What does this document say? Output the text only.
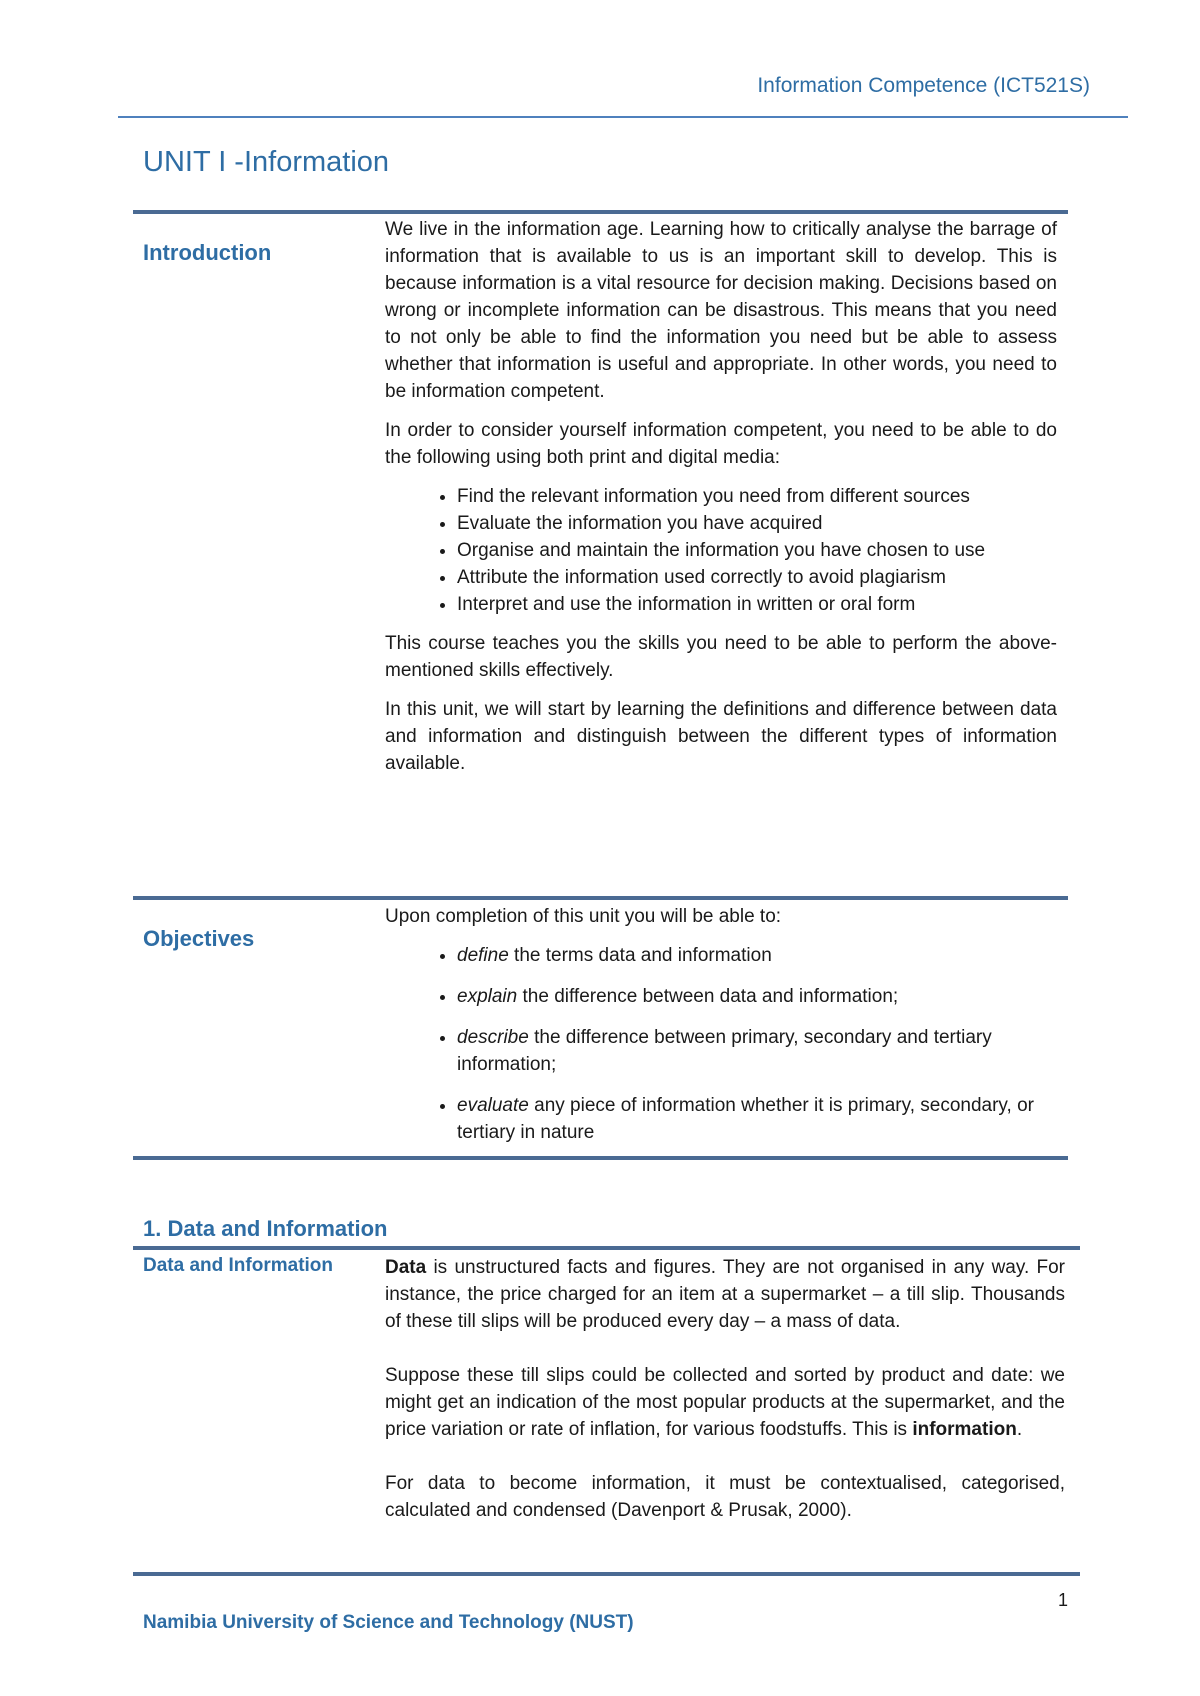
Information Competence (ICT521S)
UNIT I -Information
Introduction

We live in the information age. Learning how to critically analyse the barrage of information that is available to us is an important skill to develop. This is because information is a vital resource for decision making. Decisions based on wrong or incomplete information can be disastrous. This means that you need to not only be able to find the information you need but be able to assess whether that information is useful and appropriate. In other words, you need to be information competent.

In order to consider yourself information competent, you need to be able to do the following using both print and digital media:

• Find the relevant information you need from different sources
• Evaluate the information you have acquired
• Organise and maintain the information you have chosen to use
• Attribute the information used correctly to avoid plagiarism
• Interpret and use the information in written or oral form

This course teaches you the skills you need to be able to perform the above-mentioned skills effectively.

In this unit, we will start by learning the definitions and difference between data and information and distinguish between the different types of information available.

Objectives

Upon completion of this unit you will be able to:

• define the terms data and information
• explain the difference between data and information;
• describe the difference between primary, secondary and tertiary information;
• evaluate any piece of information whether it is primary, secondary, or tertiary in nature
1. Data and Information
Data and Information	Data is unstructured facts and figures. They are not organised in any way. For instance, the price charged for an item at a supermarket – a till slip. Thousands of these till slips will be produced every day – a mass of data.

Suppose these till slips could be collected and sorted by product and date: we might get an indication of the most popular products at the supermarket, and the price variation or rate of inflation, for various foodstuffs. This is information.

For data to become information, it must be contextualised, categorised, calculated and condensed (Davenport & Prusak, 2000).

1
Namibia University of Science and Technology (NUST)
